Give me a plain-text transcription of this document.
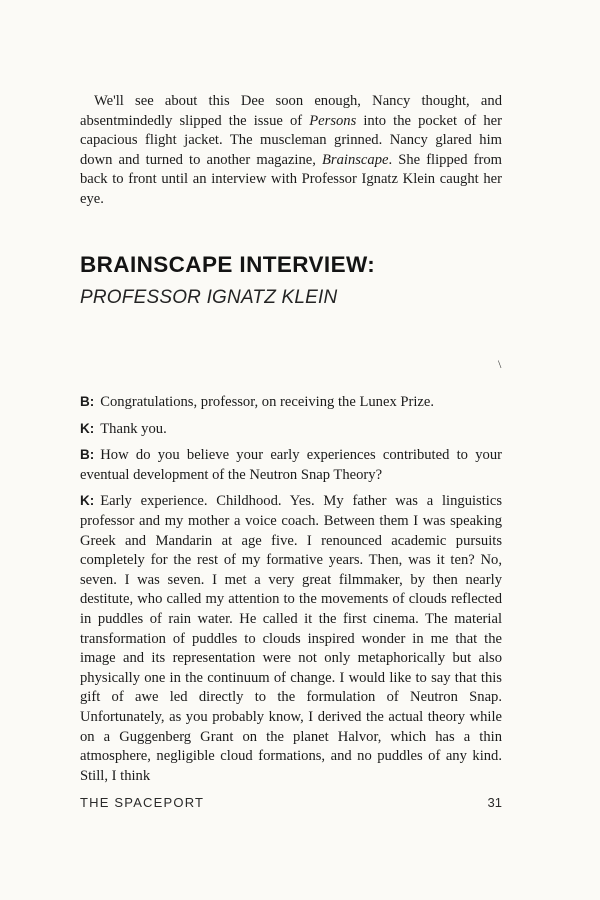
We'll see about this Dee soon enough, Nancy thought, and absentmindedly slipped the issue of Persons into the pocket of her capacious flight jacket. The muscleman grinned. Nancy glared him down and turned to another magazine, Brainscape. She flipped from back to front until an interview with Professor Ignatz Klein caught her eye.

BRAINSCAPE INTERVIEW:
PROFESSOR IGNATZ KLEIN
\

B: Congratulations, professor, on receiving the Lunex Prize.

K: Thank you.

B: How do you believe your early experiences contributed to your eventual development of the Neutron Snap Theory?

K: Early experience. Childhood. Yes. My father was a linguistics professor and my mother a voice coach. Between them I was speaking Greek and Mandarin at age five. I renounced academic pursuits completely for the rest of my formative years. Then, was it ten? No, seven. I was seven. I met a very great filmmaker, by then nearly destitute, who called my attention to the movements of clouds reflected in puddles of rain water. He called it the first cinema. The material transformation of puddles to clouds inspired wonder in me that the image and its representation were not only metaphorically but also physically one in the continuum of change. I would like to say that this gift of awe led directly to the formulation of Neutron Snap. Unfortunately, as you probably know, I derived the actual theory while on a Guggenberg Grant on the planet Halvor, which has a thin atmosphere, negligible cloud formations, and no puddles of any kind. Still, I think

THE SPACEPORT	31
